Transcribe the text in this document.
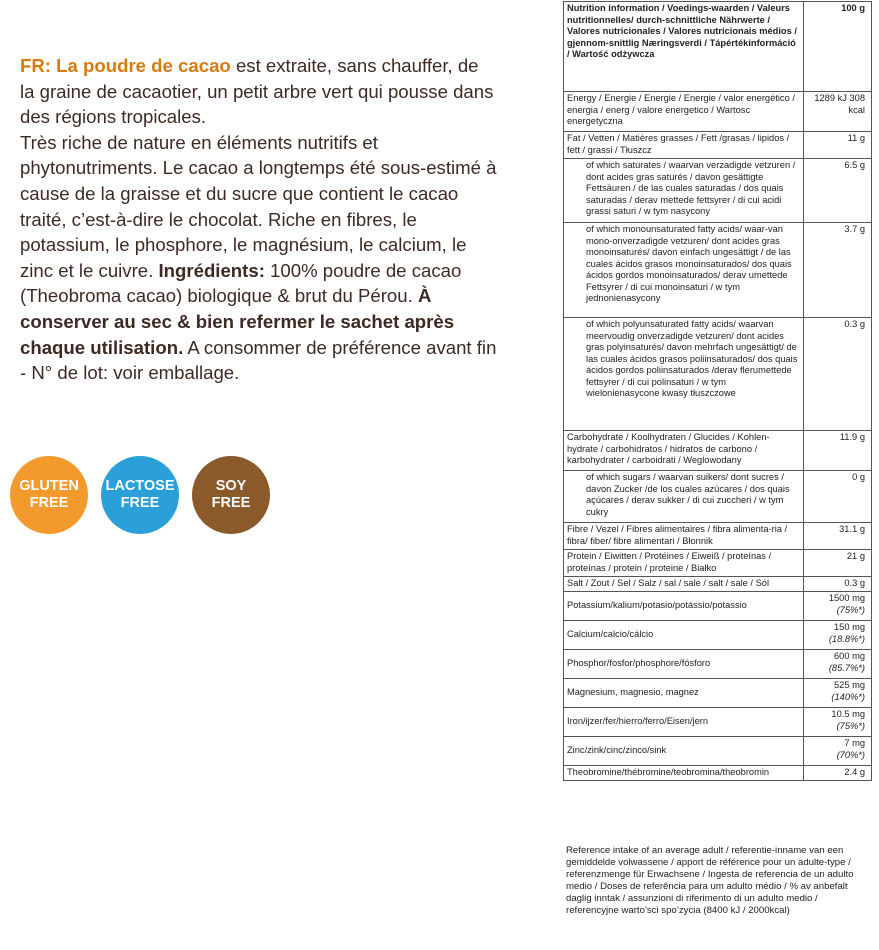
FR: La poudre de cacao est extraite, sans chauffer, de la graine de cacaotier, un petit arbre vert qui pousse dans des régions tropicales.
Très riche de nature en éléments nutritifs et phytonutriments. Le cacao a longtemps été sous-estimé à cause de la graisse et du sucre que contient le cacao traité, c’est-à-dire le chocolat. Riche en fibres, le potassium, le phosphore, le magnésium, le calcium, le zinc et le cuivre. Ingrédients: 100% poudre de cacao (Theobroma cacao) biologique & brut du Pérou. À conserver au sec & bien refermer le sachet après chaque utilisation. A consommer de préférence avant fin - N° de lot: voir emballage.
GLUTEN
FREE
LACTOSE
FREE
SOY
FREE
Nutrition information / Voedings-waarden / Valeurs nutritionnelles/ durch-schnittliche Nährwerte / Valores nutricionales / Valores nutricionais médios / gjennom-snittlig Næringsverdi / Tápértékinformáció / Wartość odżywcza	100 g
Energy / Energie / Energie / Energie / valor energético / energia / energ / valore energetico / Wartosc energetyczna	1289 kJ 308 kcal
Fat / Vetten / Matières grasses / Fett /grasas / lipidos / fett / grassi / Tłuszcz	11 g
of which saturates / waarvan verzadigde vetzuren / dont acides gras saturés / davon gesättigte Fettsäuren / de las cuales saturadas / dos quais saturadas / derav mettede fettsyrer / di cui acidi grassi saturi / w tym nasycony	6.5 g
of which monounsaturated fatty acids/ waar-van mono-onverzadigde vetzuren/ dont acides gras monoinsaturés/ davon einfach ungesättigt / de las cuales ácidos grasos monoinsaturados/ dos quais ácidos gordos monoinsaturados/ derav umettede Fettsyrer / di cui monoinsaturi / w tym jednonienasycony	3.7 g
of which polyunsaturated fatty acids/ waarvan meervoudig onverzadigde vetzuren/ dont acides gras polyinsaturés/ davon mehrfach ungesättigt/ de las cuales ácidos grasos poliinsaturados/ dos quais ácidos gordos poliinsaturados /derav flerumettede fettsyrer / di cui polinsaturi / w tym wielonienasycone kwasy tłuszczowe	0.3 g
Carbohydrate / Koolhydraten / Glucides / Kohlen-hydrate / carbohidratos / hidratos de carbono / karbohydrater / carboidrati / Weglowodany	11.9 g
of which sugars / waarvan suikers/ dont sucres / davon Zucker /de los cuales azúcares / dos quais açúcares / derav sukker / di cui zuccheri / w tym cukry	0 g
Fibre / Vezel / Fibres alimentaires / fibra alimenta-ria / fibra/ fiber/ fibre alimentari / Błonnik	31.1 g
Protein / Eiwitten / Protéines / Eiweiß / proteínas / proteínas / protein / proteine / Białko	21 g
Salt / Zout / Sel / Salz / sal / sale / salt / sale / Sól	0.3 g
Potassium/kalium/potasio/potássio/potassio	1500 mg
(75%*)
Calcium/calcio/cálcio	150 mg
(18.8%*)
Phosphor/fosfor/phosphore/fósforo	600 mg
(85.7%*)
Magnesium, magnesio, magnez	525 mg
(140%*)
Iron/ijzer/fer/hierro/ferro/Eisen/jern	10.5 mg
(75%*)
Zinc/zink/cinc/zinco/sink	7 mg
(70%*)
Theobromine/thébromine/teobromina/theobromin	2.4 g
Reference intake of an average adult / referentie-inname van een gemiddelde volwassene / apport de référence pour un adulte-type / referenzmenge für Erwachsene / Ingesta de referencia de un adulto medio / Doses de referência para um adulto médio / % av anbefalt daglig inntak / assunzioni di riferimento di un adulto medio / referencyjne warto’sci spo’zycia (8400 kJ / 2000kcal)
